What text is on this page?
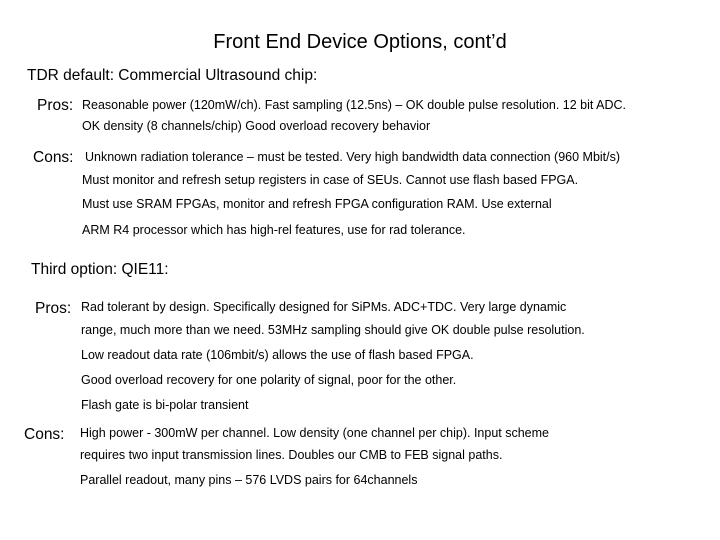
Front End Device Options, cont’d
TDR default: Commercial Ultrasound chip:
Pros: Reasonable power (120mW/ch). Fast sampling (12.5ns) – OK double pulse resolution. 12 bit ADC.
OK density (8 channels/chip) Good overload recovery behavior
Cons: Unknown radiation tolerance – must be tested. Very high bandwidth data connection (960 Mbit/s)
Must monitor and refresh setup registers in case of SEUs. Cannot use flash based FPGA.
Must use SRAM FPGAs, monitor and refresh FPGA configuration RAM. Use external
ARM R4 processor which has high-rel features, use for rad tolerance.
Third option: QIE11:
Pros: Rad tolerant by design. Specifically designed for SiPMs. ADC+TDC. Very large dynamic
range, much more than we need. 53MHz sampling should give OK double pulse resolution.
Low readout data rate (106mbit/s) allows the use of flash based FPGA.
Good overload recovery for one polarity of signal, poor for the other.
Flash gate is bi-polar transient
Cons: High power - 300mW per channel. Low density (one channel per chip). Input scheme
requires two input transmission lines. Doubles our CMB to FEB signal paths.
Parallel readout, many pins – 576 LVDS pairs for 64channels
